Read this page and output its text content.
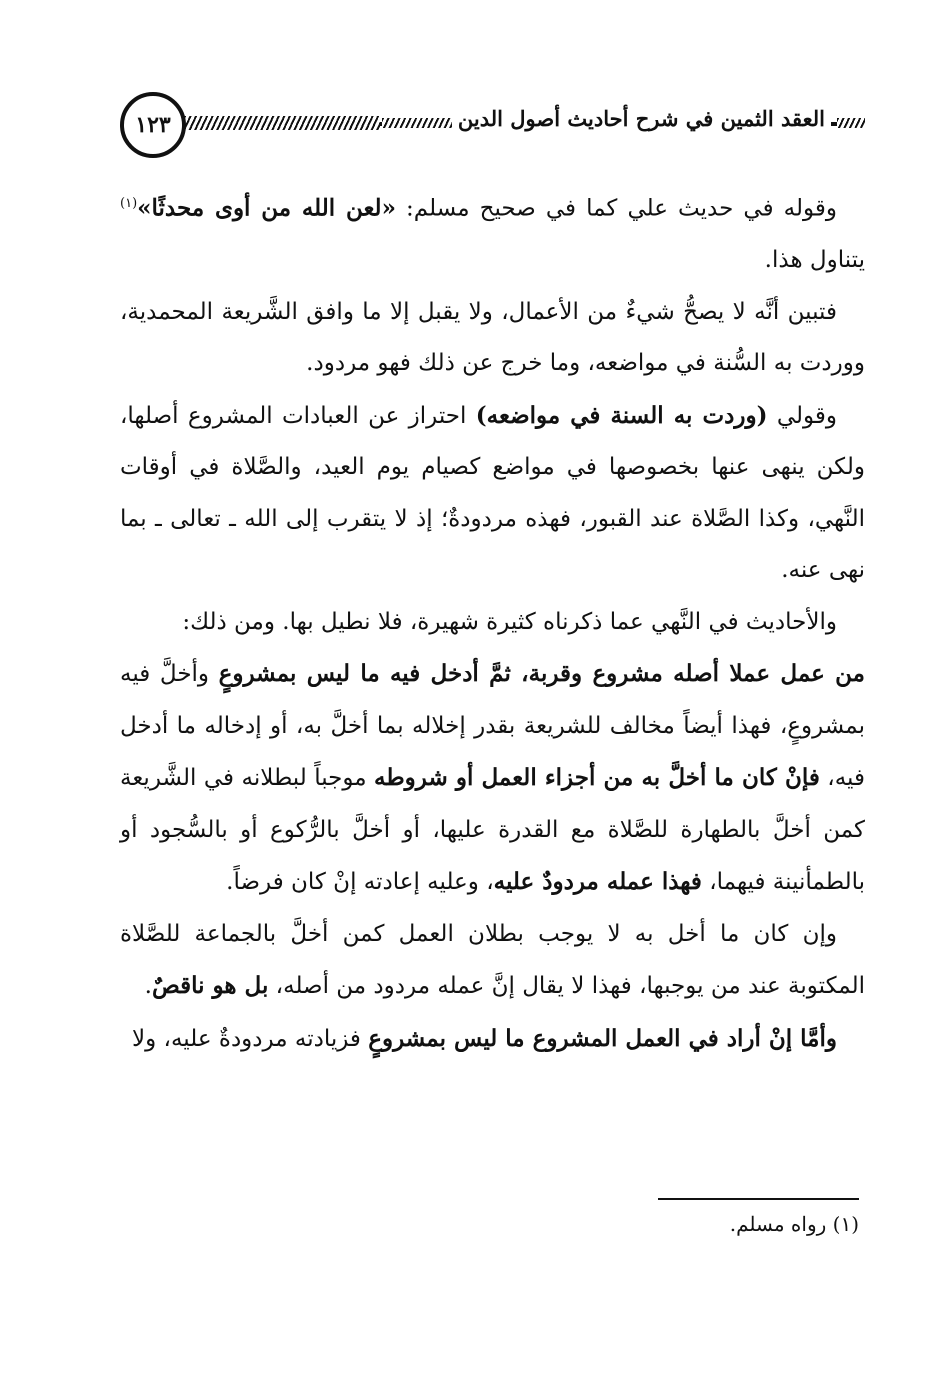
١٢٣	العقد الثمين في شرح أحاديث أصول الدين

وقوله في حديث علي كما في صحيح مسلم: «لعن الله من أوى محدثًا»$^{(١)}$ يتناول هذا.

فتبين أنَّه لا يصحُّ شيءٌ من الأعمال، ولا يقبل إلا ما وافق الشَّريعة المحمدية، ووردت به السُّنة في مواضعه، وما خرج عن ذلك فهو مردود.

وقولي (وردت به السنة في مواضعه) احتراز عن العبادات المشروع أصلها، ولكن ينهى عنها بخصوصها في مواضع كصيام يوم العيد، والصَّلاة في أوقات النَّهي، وكذا الصَّلاة عند القبور، فهذه مردودةٌ؛ إذ لا يتقرب إلى الله ـ تعالى ـ بما نهى عنه.

والأحاديث في النَّهي عما ذكرناه كثيرة شهيرة، فلا نطيل بها. ومن ذلك:

من عمل عملا أصله مشروع وقربة، ثمَّ أدخل فيه ما ليس بمشروعٍ وأخلَّ فيه بمشروعٍ، فهذا أيضاً مخالف للشريعة بقدر إخلاله بما أخلَّ به، أو إدخاله ما أدخل فيه، فإنْ كان ما أخلَّ به من أجزاء العمل أو شروطه موجباً لبطلانه في الشَّريعة كمن أخلَّ بالطهارة للصَّلاة مع القدرة عليها، أو أخلَّ بالرُّكوع أو بالسُّجود أو بالطمأنينة فيهما، فهذا عمله مردودٌ عليه، وعليه إعادته إنْ كان فرضاً.

وإن كان ما أخل به لا يوجب بطلان العمل كمن أخلَّ بالجماعة للصَّلاة المكتوبة عند من يوجبها، فهذا لا يقال إنَّ عمله مردود من أصله، بل هو ناقصٌ.

وأمَّا إنْ أراد في العمل المشروع ما ليس بمشروعٍ فزيادته مردودةٌ عليه، ولا

(١) رواه مسلم.
